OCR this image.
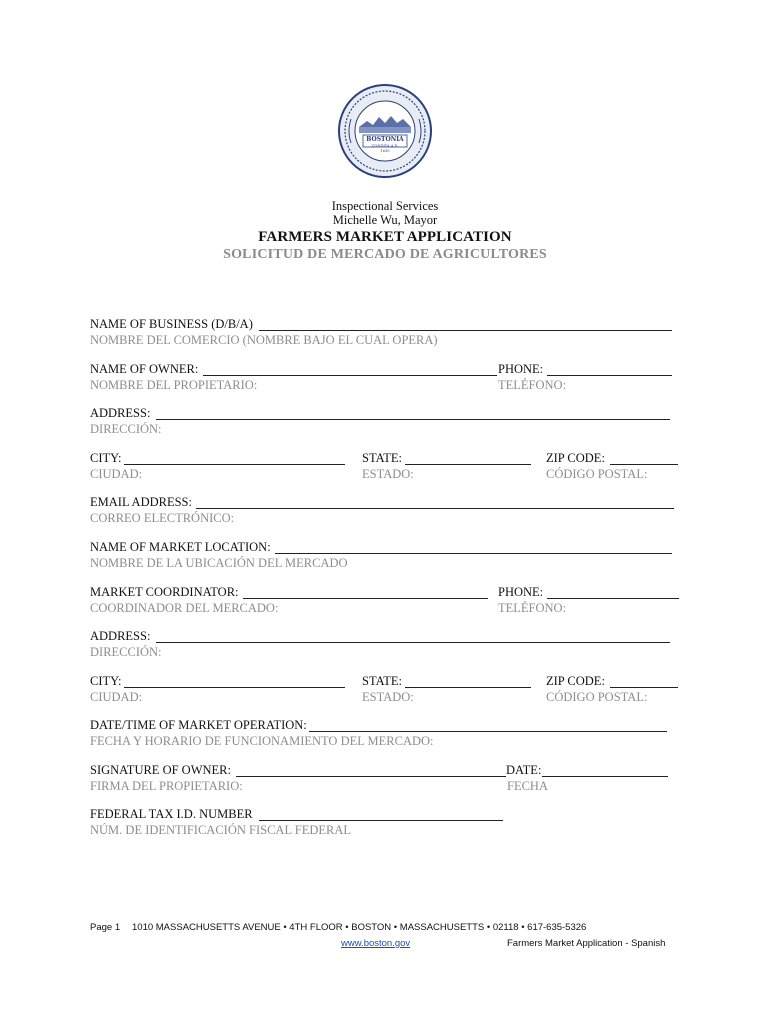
BOSTONIA
CONDITA A.D.
1630
Inspectional Services
Michelle Wu, Mayor
FARMERS MARKET APPLICATION
SOLICITUD DE MERCADO DE AGRICULTORES
NAME OF BUSINESS (D/B/A)
NOMBRE DEL COMERCIO (NOMBRE BAJO EL CUAL OPERA)
NAME OF OWNER:	PHONE:
NOMBRE DEL PROPIETARIO:	TELÉFONO:
ADDRESS:
DIRECCIÓN:
CITY:	STATE:	ZIP CODE:
CIUDAD:	ESTADO:	CÓDIGO POSTAL:
EMAIL ADDRESS:
CORREO ELECTRÓNICO:
NAME OF MARKET LOCATION:
NOMBRE DE LA UBICACIÓN DEL MERCADO
MARKET COORDINATOR:	PHONE:
COORDINADOR DEL MERCADO:	TELÉFONO:
ADDRESS:
DIRECCIÓN:
CITY:	STATE:	ZIP CODE:
CIUDAD:	ESTADO:	CÓDIGO POSTAL:
DATE/TIME OF MARKET OPERATION:
FECHA Y HORARIO DE FUNCIONAMIENTO DEL MERCADO:
SIGNATURE OF OWNER:	DATE:
FIRMA DEL PROPIETARIO:	FECHA
FEDERAL TAX I.D. NUMBER
NÚM. DE IDENTIFICACIÓN FISCAL FEDERAL
Page 1 1010 MASSACHUSETTS AVENUE • 4TH FLOOR • BOSTON • MASSACHUSETTS • 02118 • 617-635-5326
www.boston.gov	Farmers Market Application - Spanish
